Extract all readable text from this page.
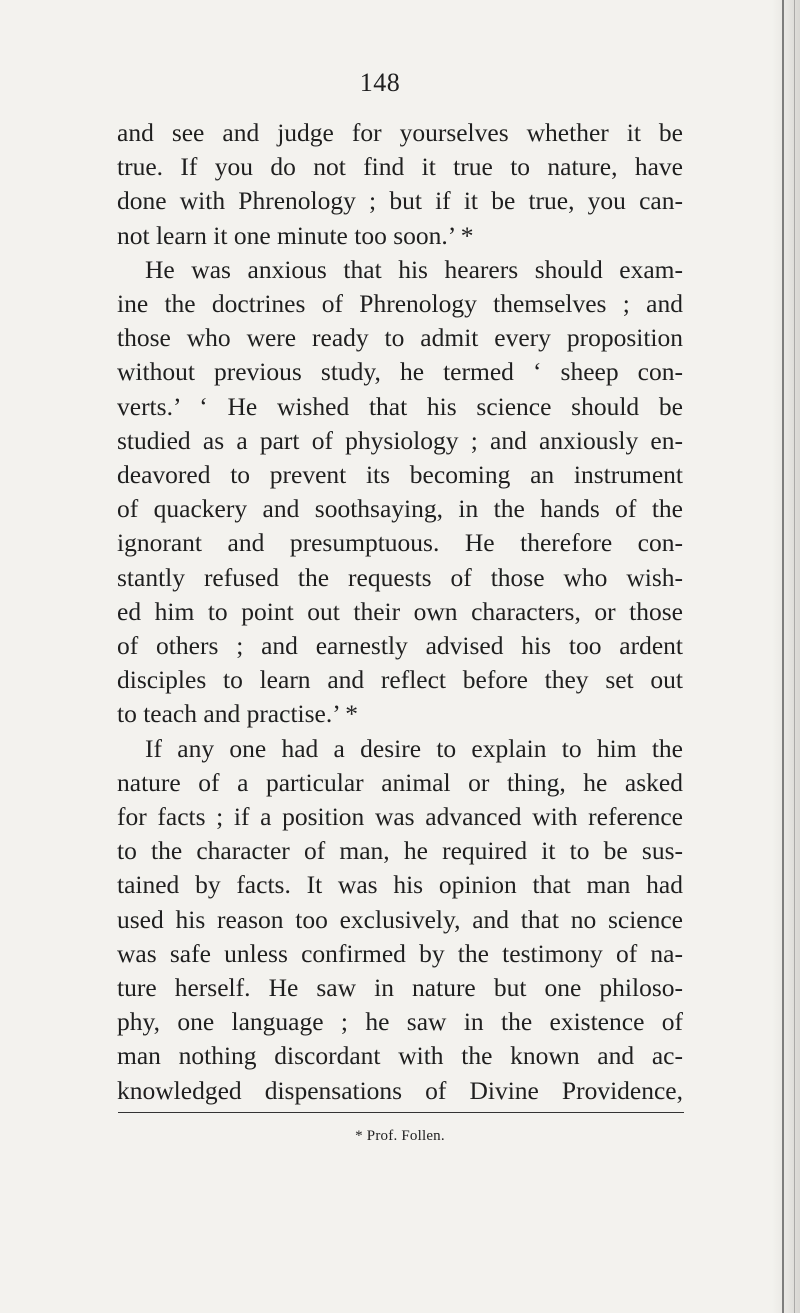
148
and see and judge for yourselves whether it be
true. If you do not find it true to nature, have
done with Phrenology ; but if it be true, you can-
not learn it one minute too soon.’ *
He was anxious that his hearers should exam-
ine the doctrines of Phrenology themselves ; and
those who were ready to admit every proposition
without previous study, he termed ‘ sheep con-
verts.’ ‘ He wished that his science should be
studied as a part of physiology ; and anxiously en-
deavored to prevent its becoming an instrument
of quackery and soothsaying, in the hands of the
ignorant and presumptuous. He therefore con-
stantly refused the requests of those who wish-
ed him to point out their own characters, or those
of others ; and earnestly advised his too ardent
disciples to learn and reflect before they set out
to teach and practise.’ *
If any one had a desire to explain to him the
nature of a particular animal or thing, he asked
for facts ; if a position was advanced with reference
to the character of man, he required it to be sus-
tained by facts. It was his opinion that man had
used his reason too exclusively, and that no science
was safe unless confirmed by the testimony of na-
ture herself. He saw in nature but one philoso-
phy, one language ; he saw in the existence of
man nothing discordant with the known and ac-
knowledged dispensations of Divine Providence,
* Prof. Follen.
